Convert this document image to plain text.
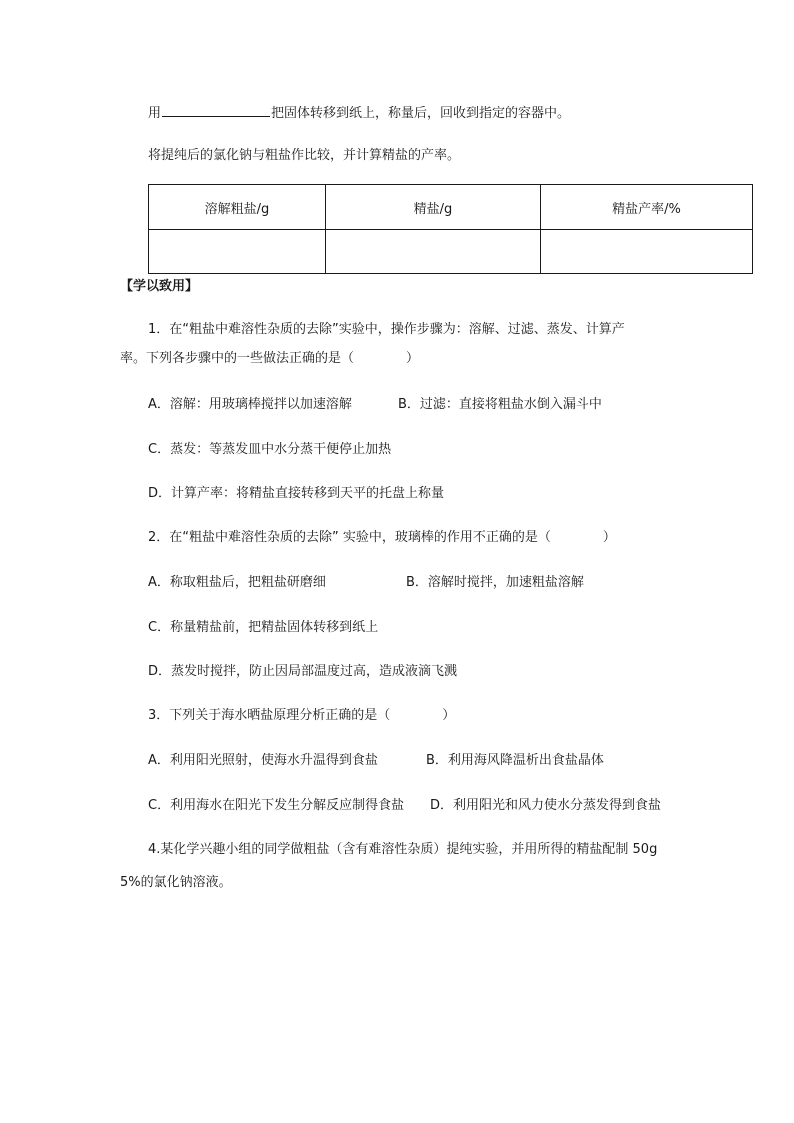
用	把固体转移到纸上，称量后，回收到指定的容器中。
将提纯后的氯化钠与粗盐作比较，并计算精盐的产率。
溶解粗盐/g	精盐/g	精盐产率/%

【学以致用】
1．在“粗盐中难溶性杂质的去除”实验中，操作步骤为：溶解、过滤、蒸发、计算产
率。下列各步骤中的一些做法正确的是（　　　　）
A．溶解：用玻璃棒搅拌以加速溶解	B．过滤：直接将粗盐水倒入漏斗中
C．蒸发：等蒸发皿中水分蒸干便停止加热
D．计算产率：将精盐直接转移到天平的托盘上称量
2．在“粗盐中难溶性杂质的去除” 实验中，玻璃棒的作用不正确的是（　　　　）
A．称取粗盐后，把粗盐研磨细	B．溶解时搅拌，加速粗盐溶解
C．称量精盐前，把精盐固体转移到纸上
D．蒸发时搅拌，防止因局部温度过高，造成液滴飞溅
3．下列关于海水晒盐原理分析正确的是（　　　　）
A．利用阳光照射，使海水升温得到食盐	B．利用海风降温析出食盐晶体
C．利用海水在阳光下发生分解反应制得食盐 D．利用阳光和风力使水分蒸发得到食盐
4.某化学兴趣小组的同学做粗盐（含有难溶性杂质）提纯实验，并用所得的精盐配制 50g
5%的氯化钠溶液。
